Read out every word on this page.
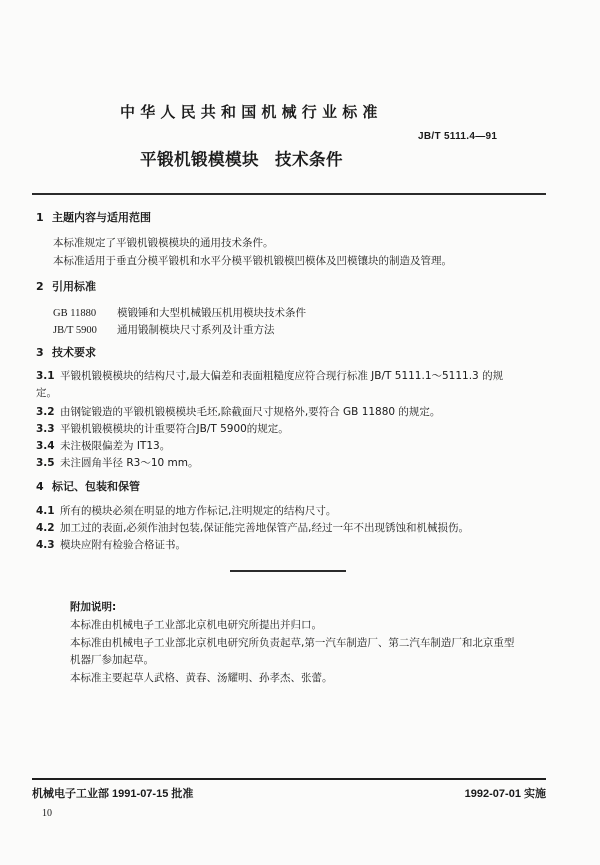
中华人民共和国机械行业标准
JB/T 5111.4—91
平锻机锻模模块 技术条件
1 主题内容与适用范围
本标准规定了平锻机锻模模块的通用技术条件。
本标准适用于垂直分模平锻机和水平分模平锻机锻模凹模体及凹模镶块的制造及管理。
2 引用标准
GB 11880 模锻锤和大型机械锻压机用模块技术条件
JB/T 5900 通用锻制模块尺寸系列及计重方法
3 技术要求
3.1 平锻机锻模模块的结构尺寸,最大偏差和表面粗糙度应符合现行标准 JB/T 5111.1～5111.3 的规
定。
3.2 由钢锭锻造的平锻机锻模模块毛坯,除截面尺寸规格外,要符合 GB 11880 的规定。
3.3 平锻机锻模模块的计重要符合JB/T 5900的规定。
3.4 未注极限偏差为 IT13。
3.5 未注圆角半径 R3～10 mm。
4 标记、包装和保管
4.1 所有的模块必须在明显的地方作标记,注明规定的结构尺寸。
4.2 加工过的表面,必须作油封包装,保证能完善地保管产品,经过一年不出现锈蚀和机械损伤。
4.3 模块应附有检验合格证书。
附加说明:
本标准由机械电子工业部北京机电研究所提出并归口。
本标准由机械电子工业部北京机电研究所负责起草,第一汽车制造厂、第二汽车制造厂和北京重型
机器厂参加起草。
本标准主要起草人武格、黄春、汤耀明、孙孝杰、张蕾。
机械电子工业部 1991-07-15 批准	1992-07-01 实施
10
